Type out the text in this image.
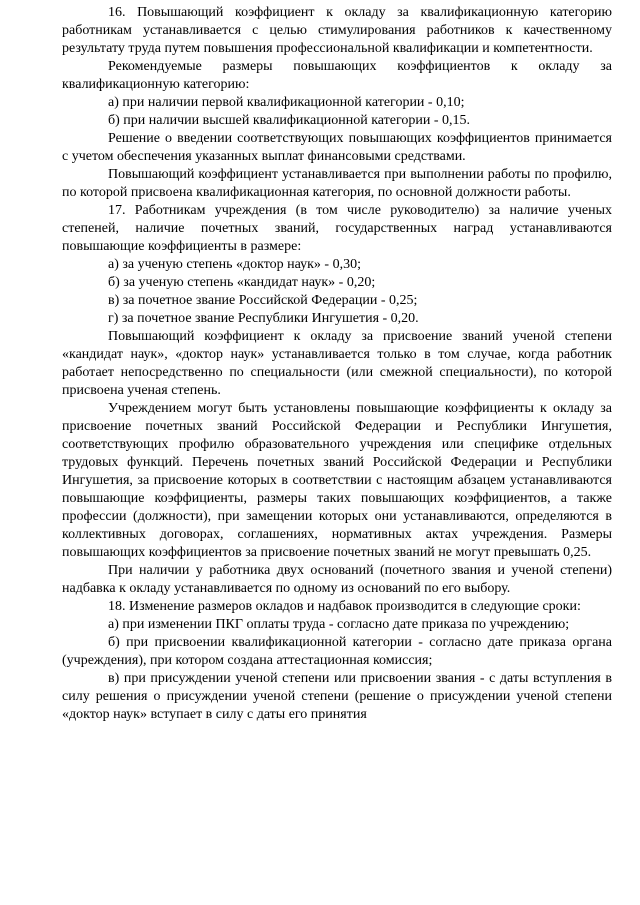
16. Повышающий коэффициент к окладу за квалификационную категорию работникам устанавливается с целью стимулирования работников к качественному результату труда путем повышения профессиональной квалификации и компетентности.

Рекомендуемые размеры повышающих коэффициентов к окладу за квалификационную категорию:

а) при наличии первой квалификационной категории - 0,10;

б) при наличии высшей квалификационной категории - 0,15.

Решение о введении соответствующих повышающих коэффициентов принимается с учетом обеспечения указанных выплат финансовыми средствами.

Повышающий коэффициент устанавливается при выполнении работы по профилю, по которой присвоена квалификационная категория, по основной должности работы.

17. Работникам учреждения (в том числе руководителю) за наличие ученых степеней, наличие почетных званий, государственных наград устанавливаются повышающие коэффициенты в размере:

а) за ученую степень «доктор наук» - 0,30;

б) за ученую степень «кандидат наук» - 0,20;

в) за почетное звание Российской Федерации - 0,25;

г) за почетное звание Республики Ингушетия - 0,20.

Повышающий коэффициент к окладу за присвоение званий ученой степени «кандидат наук», «доктор наук» устанавливается только в том случае, когда работник работает непосредственно по специальности (или смежной специальности), по которой присвоена ученая степень.

Учреждением могут быть установлены повышающие коэффициенты к окладу за присвоение почетных званий Российской Федерации и Республики Ингушетия, соответствующих профилю образовательного учреждения или специфике отдельных трудовых функций. Перечень почетных званий Российской Федерации и Республики Ингушетия, за присвоение которых в соответствии с настоящим абзацем устанавливаются повышающие коэффициенты, размеры таких повышающих коэффициентов, а также профессии (должности), при замещении которых они устанавливаются, определяются в коллективных договорах, соглашениях, нормативных актах учреждения. Размеры повышающих коэффициентов за присвоение почетных званий не могут превышать 0,25.

При наличии у работника двух оснований (почетного звания и ученой степени) надбавка к окладу устанавливается по одному из оснований по его выбору.

18. Изменение размеров окладов и надбавок производится в следующие сроки:

а) при изменении ПКГ оплаты труда - согласно дате приказа по учреждению;

б) при присвоении квалификационной категории - согласно дате приказа органа (учреждения), при котором создана аттестационная комиссия;

в) при присуждении ученой степени или присвоении звания - с даты вступления в силу решения о присуждении ученой степени (решение о присуждении ученой степени «доктор наук» вступает в силу с даты его принятия
